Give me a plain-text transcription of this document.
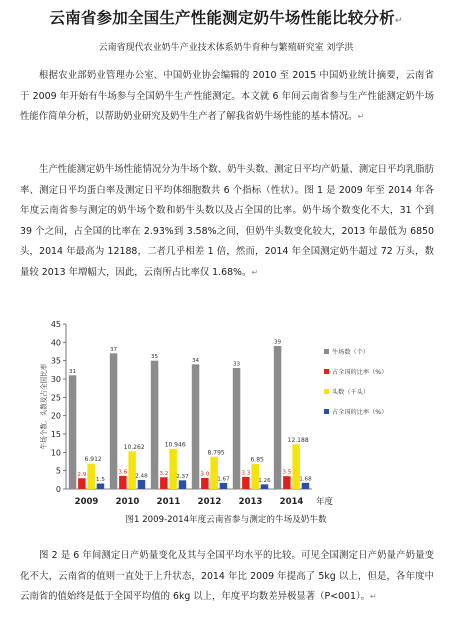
云南省参加全国生产性能测定奶牛场性能比较分析↵
云南省现代农业奶牛产业技术体系奶牛育种与繁殖研究室 刘学洪

根据农业部奶业管理办公室、中国奶业协会编辑的 2010 至 2015 中国奶业统计摘要，云南省于 2009 年开始有牛场参与全国奶牛生产性能测定。本文就 6 年间云南省参与生产性能测定奶牛场性能作简单分析，以帮助奶业研究及奶牛生产者了解我省奶牛场性能的基本情况。↵

生产性能测定奶牛场性能情况分为牛场个数、奶牛头数、测定日平均产奶量、测定日平均乳脂肪率、测定日平均蛋白率及测定日平均体细胞数共 6 个指标（性状）。图 1 是 2009 年至 2014 年各年度云南省参与测定的奶牛场个数和奶牛头数以及占全国的比率。奶牛场个数变化不大，31 个到 39 个之间，占全国的比率在 2.93%到 3.58%之间，但奶牛头数变化较大，2013 年最低为 6850 头，2014 年最高为 12188，二者几乎相差 1 倍，然而，2014 年全国测定奶牛超过 72 万头，数量较 2013 年増幅大，因此，云南所占比率仅 1.68%。↵

0
5
10
15
20
25
30
35
40
45
牛场个数、头数及占全国比率	31
2.9
6.912
1.5
2009
37
3.6
10.262
2.48
2010
35
3.2
10.946
2.37
2011
34
3.0
8.795
1.67
2012
33
3.3
6.85
1.26
2013
39
3.5
12.188
1.68
2014 年度
牛场数（个）
占全国的比率（%）
头数（千头）
占全国的比率（%）
图1 2009-2014年度云南省参与测定的牛场及奶牛数

图 2 是 6 年间测定日产奶量变化及其与全国平均水平的比较。可见全国测定日产奶量产奶量变化不大，云南省的值则一直处于上升状态，2014 年比 2009 年提高了 5kg 以上，但是，各年度中云南省的值始终是低于全国平均值的 6kg 以上，年度平均数差异极显著（P<001）。↵
